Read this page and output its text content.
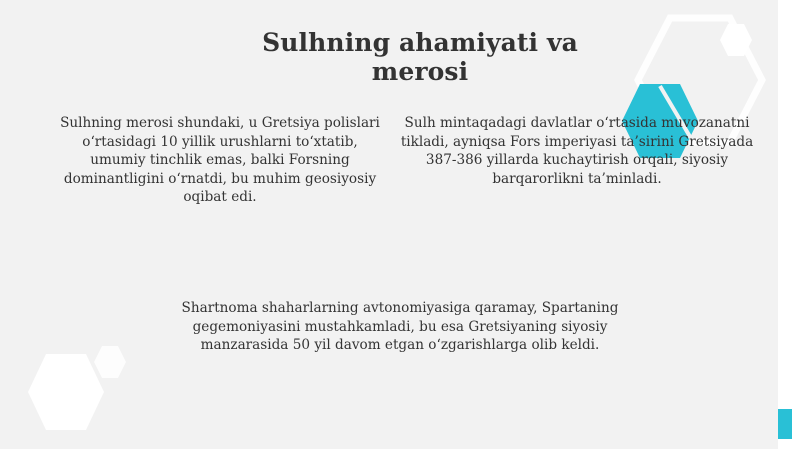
Sulhning ahamiyati va merosi

Sulhning merosi shundaki, u Gretsiya polislari o‘rtasidagi 10 yillik urushlarni to‘xtatib, umumiy tinchlik emas, balki Forsning dominantligini o‘rnatdi, bu muhim geosiyosiy oqibat edi.

Sulh mintaqadagi davlatlar o‘rtasida muvozanatni tikladi, ayniqsa Fors imperiyasi ta’sirini Gretsiyada 387-386 yillarda kuchaytirish orqali, siyosiy barqarorlikni ta’minladi.

Shartnoma shaharlarning avtonomiyasiga qaramay, Spartaning gegemoniyasini mustahkamladi, bu esa Gretsiyaning siyosiy manzarasida 50 yil davom etgan o‘zgarishlarga olib keldi.
